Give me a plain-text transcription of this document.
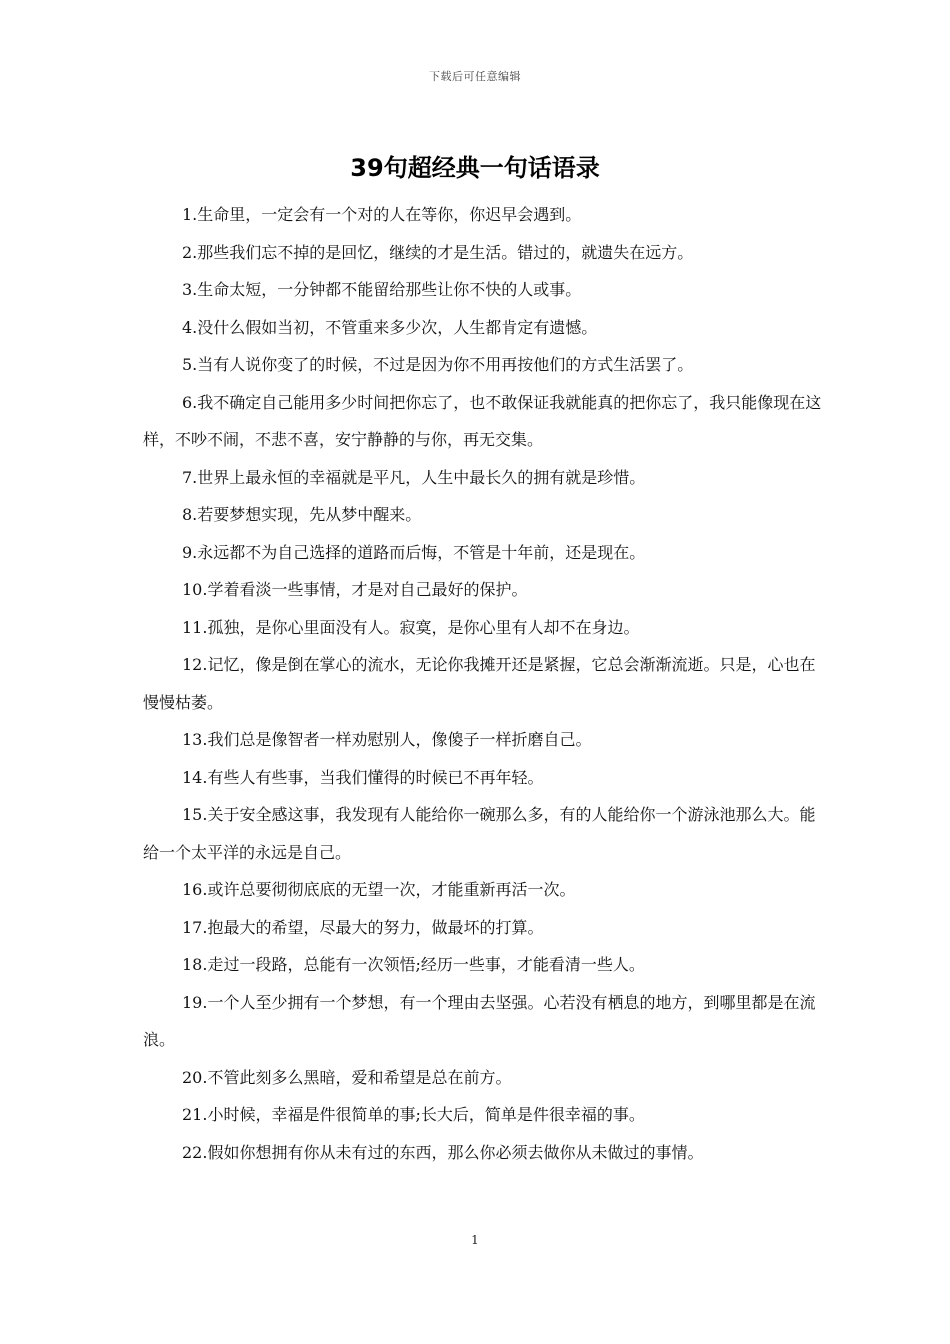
下载后可任意编辑
39句超经典一句话语录

1.生命里，一定会有一个对的人在等你，你迟早会遇到。

2.那些我们忘不掉的是回忆，继续的才是生活。错过的，就遗失在远方。

3.生命太短，一分钟都不能留给那些让你不快的人或事。

4.没什么假如当初，不管重来多少次，人生都肯定有遗憾。

5.当有人说你变了的时候，不过是因为你不用再按他们的方式生活罢了。

6.我不确定自己能用多少时间把你忘了，也不敢保证我就能真的把你忘了，我只能像现在这样，不吵不闹，不悲不喜，安宁静静的与你，再无交集。

7.世界上最永恒的幸福就是平凡，人生中最长久的拥有就是珍惜。

8.若要梦想实现，先从梦中醒来。

9.永远都不为自己选择的道路而后悔，不管是十年前，还是现在。

10.学着看淡一些事情，才是对自己最好的保护。

11.孤独，是你心里面没有人。寂寞，是你心里有人却不在身边。

12.记忆，像是倒在掌心的流水，无论你我摊开还是紧握，它总会渐渐流逝。只是，心也在慢慢枯萎。

13.我们总是像智者一样劝慰别人，像傻子一样折磨自己。

14.有些人有些事，当我们懂得的时候已不再年轻。

15.关于安全感这事，我发现有人能给你一碗那么多，有的人能给你一个游泳池那么大。能给一个太平洋的永远是自己。

16.或许总要彻彻底底的无望一次，才能重新再活一次。

17.抱最大的希望，尽最大的努力，做最坏的打算。

18.走过一段路，总能有一次领悟;经历一些事，才能看清一些人。

19.一个人至少拥有一个梦想，有一个理由去坚强。心若没有栖息的地方，到哪里都是在流浪。

20.不管此刻多么黑暗，爱和希望是总在前方。

21.小时候，幸福是件很简单的事;长大后，简单是件很幸福的事。

22.假如你想拥有你从未有过的东西，那么你必须去做你从未做过的事情。

1
